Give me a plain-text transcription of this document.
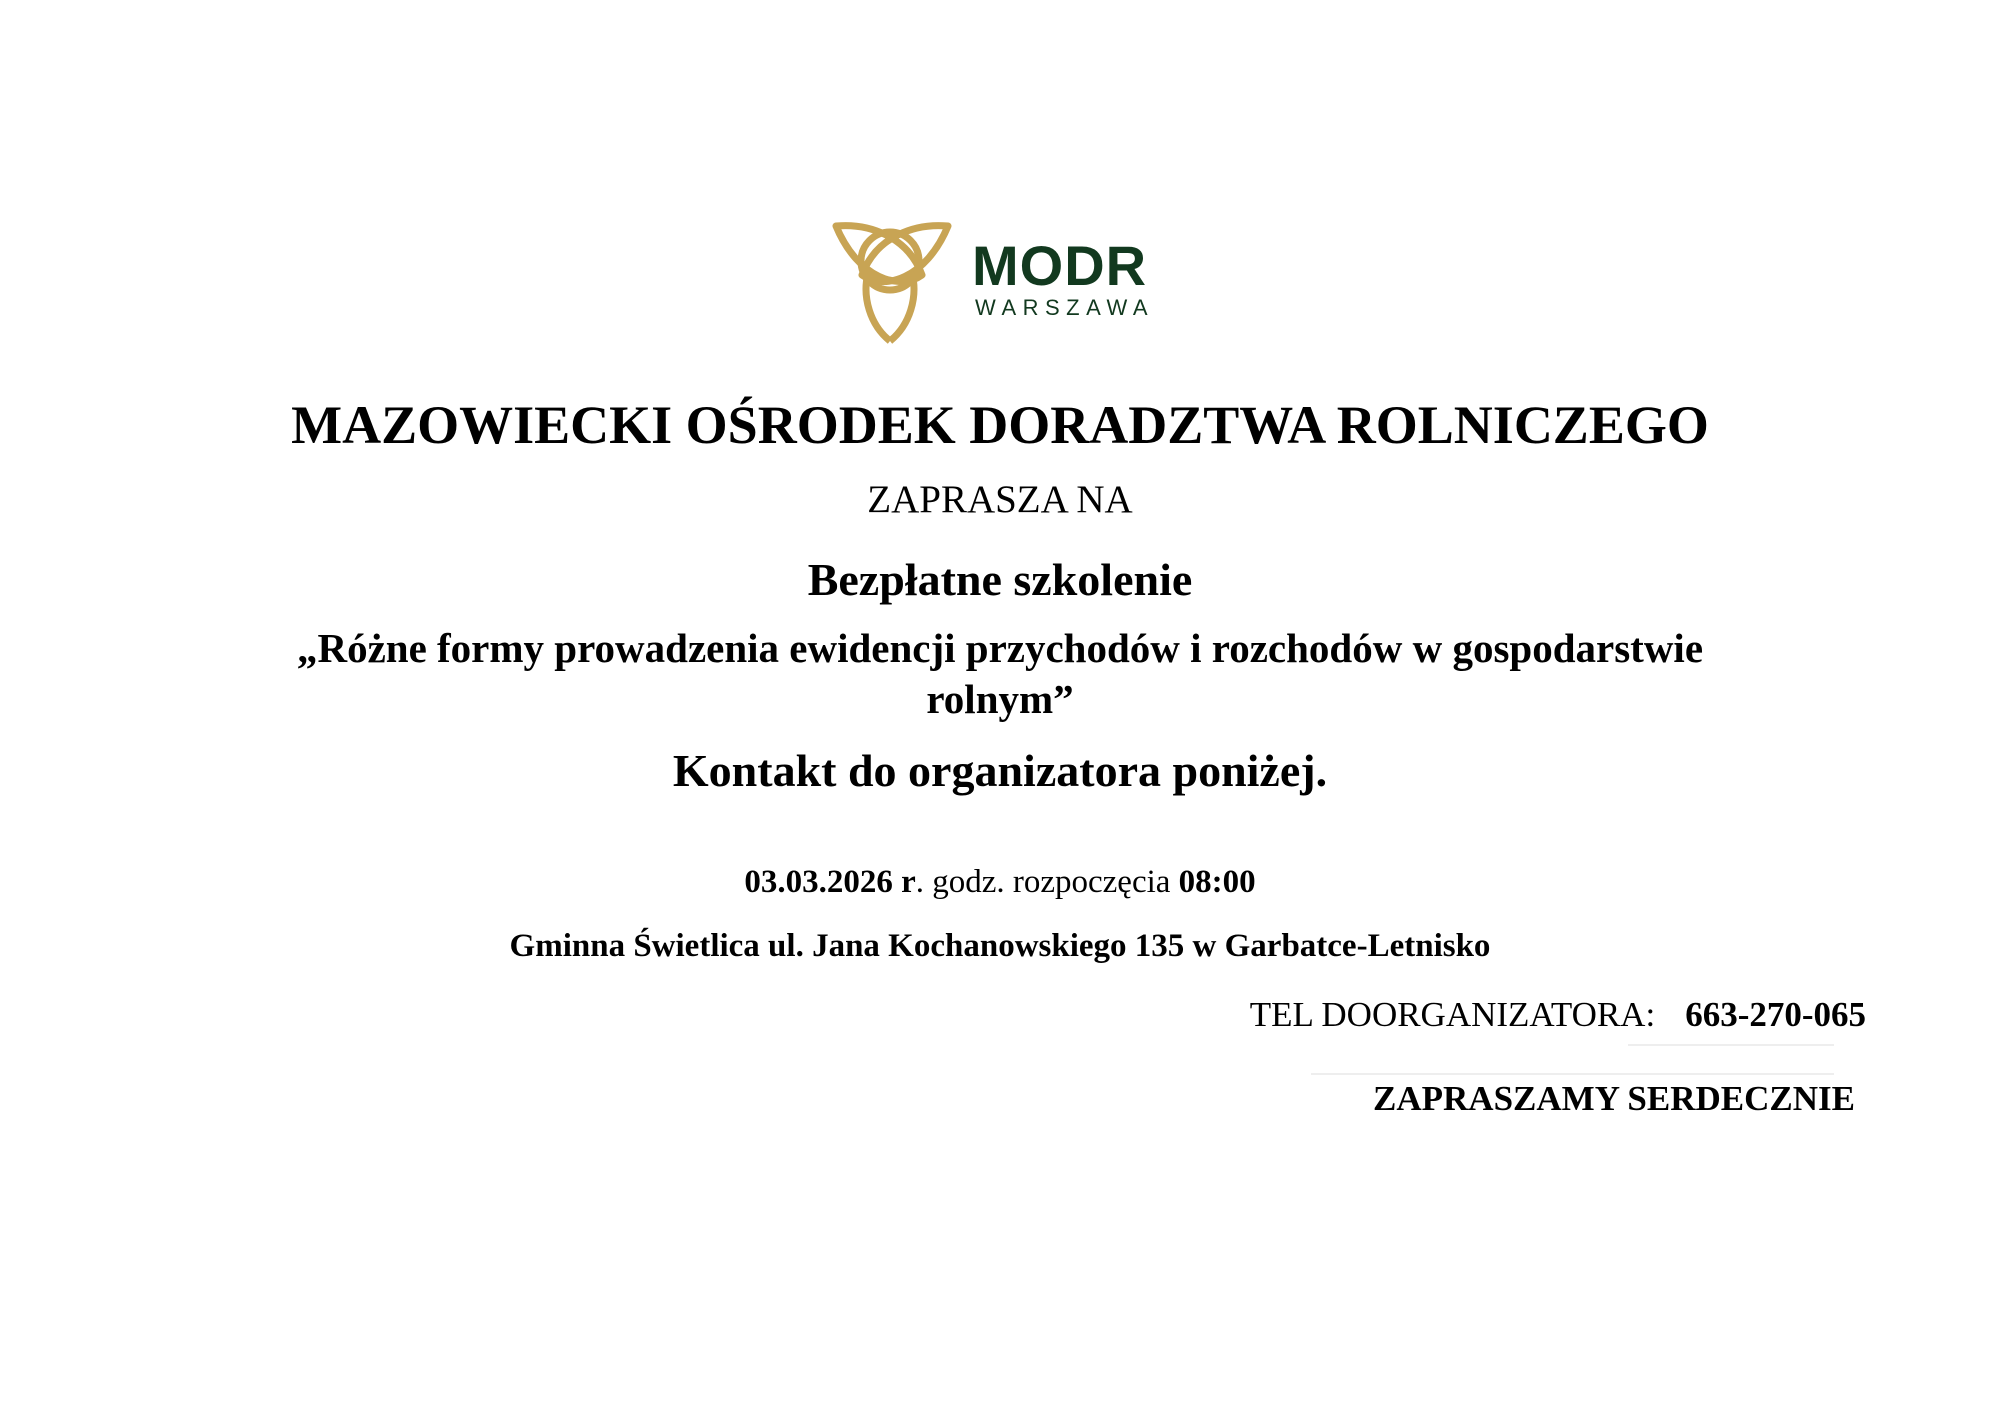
MODR
WARSZAWA
MAZOWIECKI OŚRODEK DORADZTWA ROLNICZEGO
ZAPRASZA NA
Bezpłatne szkolenie
„Różne formy prowadzenia ewidencji przychodów i rozchodów w gospodarstwie
rolnym”
Kontakt do organizatora poniżej.
03.03.2026 r. godz. rozpoczęcia 08:00
Gminna Świetlica ul. Jana Kochanowskiego 135 w Garbatce-Letnisko
TEL DOORGANIZATORA: 663-270-065
ZAPRASZAMY SERDECZNIE
